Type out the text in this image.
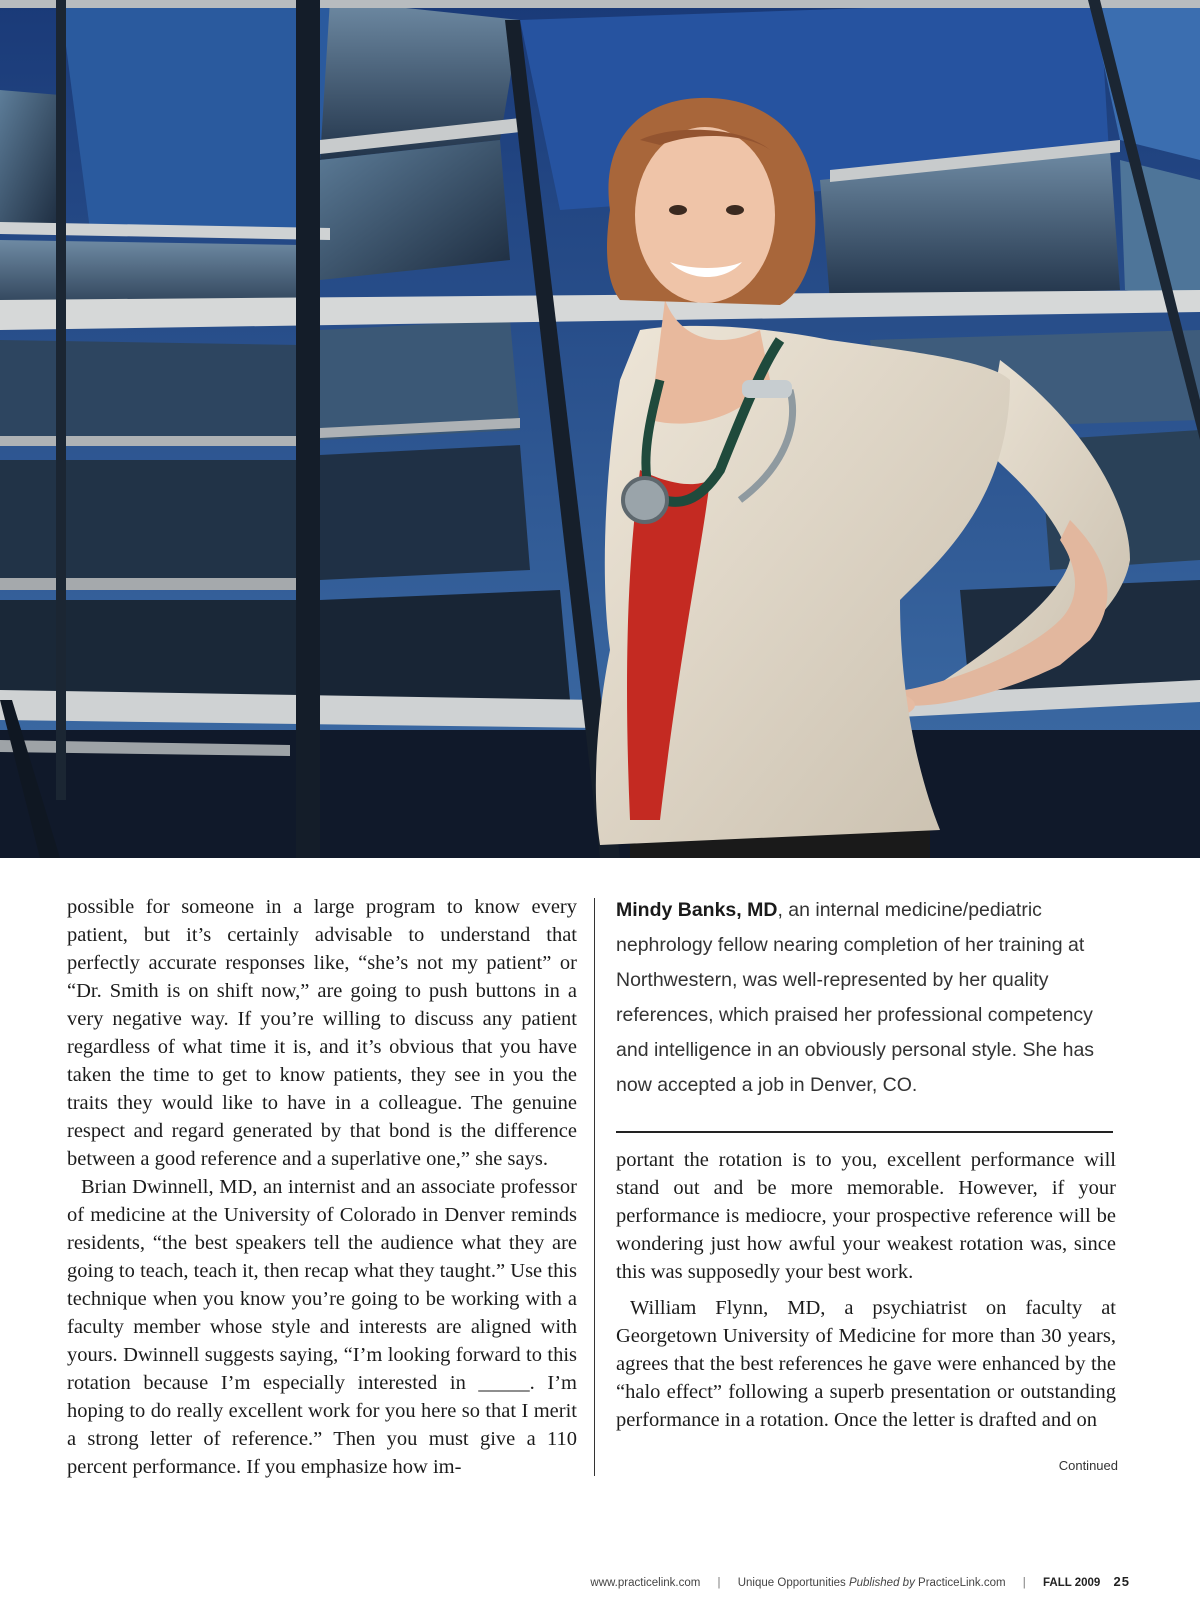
possible for someone in a large program to know every patient, but it’s certainly advisable to understand that perfectly accurate responses like, “she’s not my patient” or “Dr. Smith is on shift now,” are going to push buttons in a very negative way. If you’re willing to discuss any patient regardless of what time it is, and it’s obvious that you have taken the time to get to know patients, they see in you the traits they would like to have in a colleague. The genuine respect and regard generated by that bond is the difference between a good reference and a superlative one,” she says.

Brian Dwinnell, MD, an internist and an associate professor of medicine at the University of Colorado in Denver reminds residents, “the best speakers tell the audience what they are going to teach, teach it, then recap what they taught.” Use this technique when you know you’re going to be working with a faculty member whose style and interests are aligned with yours. Dwinnell suggests saying, “I’m looking forward to this rotation because I’m especially interested in _____. I’m hoping to do really excellent work for you here so that I merit a strong letter of reference.” Then you must give a 110 percent performance. If you emphasize how im-

Mindy Banks, MD, an internal medicine/pediatric nephrology fellow nearing completion of her training at Northwestern, was well-represented by her quality references, which praised her professional competency and intelligence in an obviously personal style. She has now accepted a job in Denver, CO.

portant the rotation is to you, excellent performance will stand out and be more memorable. However, if your performance is mediocre, your prospective reference will be wondering just how awful your weakest rotation was, since this was supposedly your best work.

William Flynn, MD, a psychiatrist on faculty at Georgetown University of Medicine for more than 30 years, agrees that the best references he gave were enhanced by the “halo effect” following a superb presentation or outstanding performance in a rotation. Once the letter is drafted and on

Continued
www.practicelink.com | Unique Opportunities Published by PracticeLink.com | FALL 2009 25
